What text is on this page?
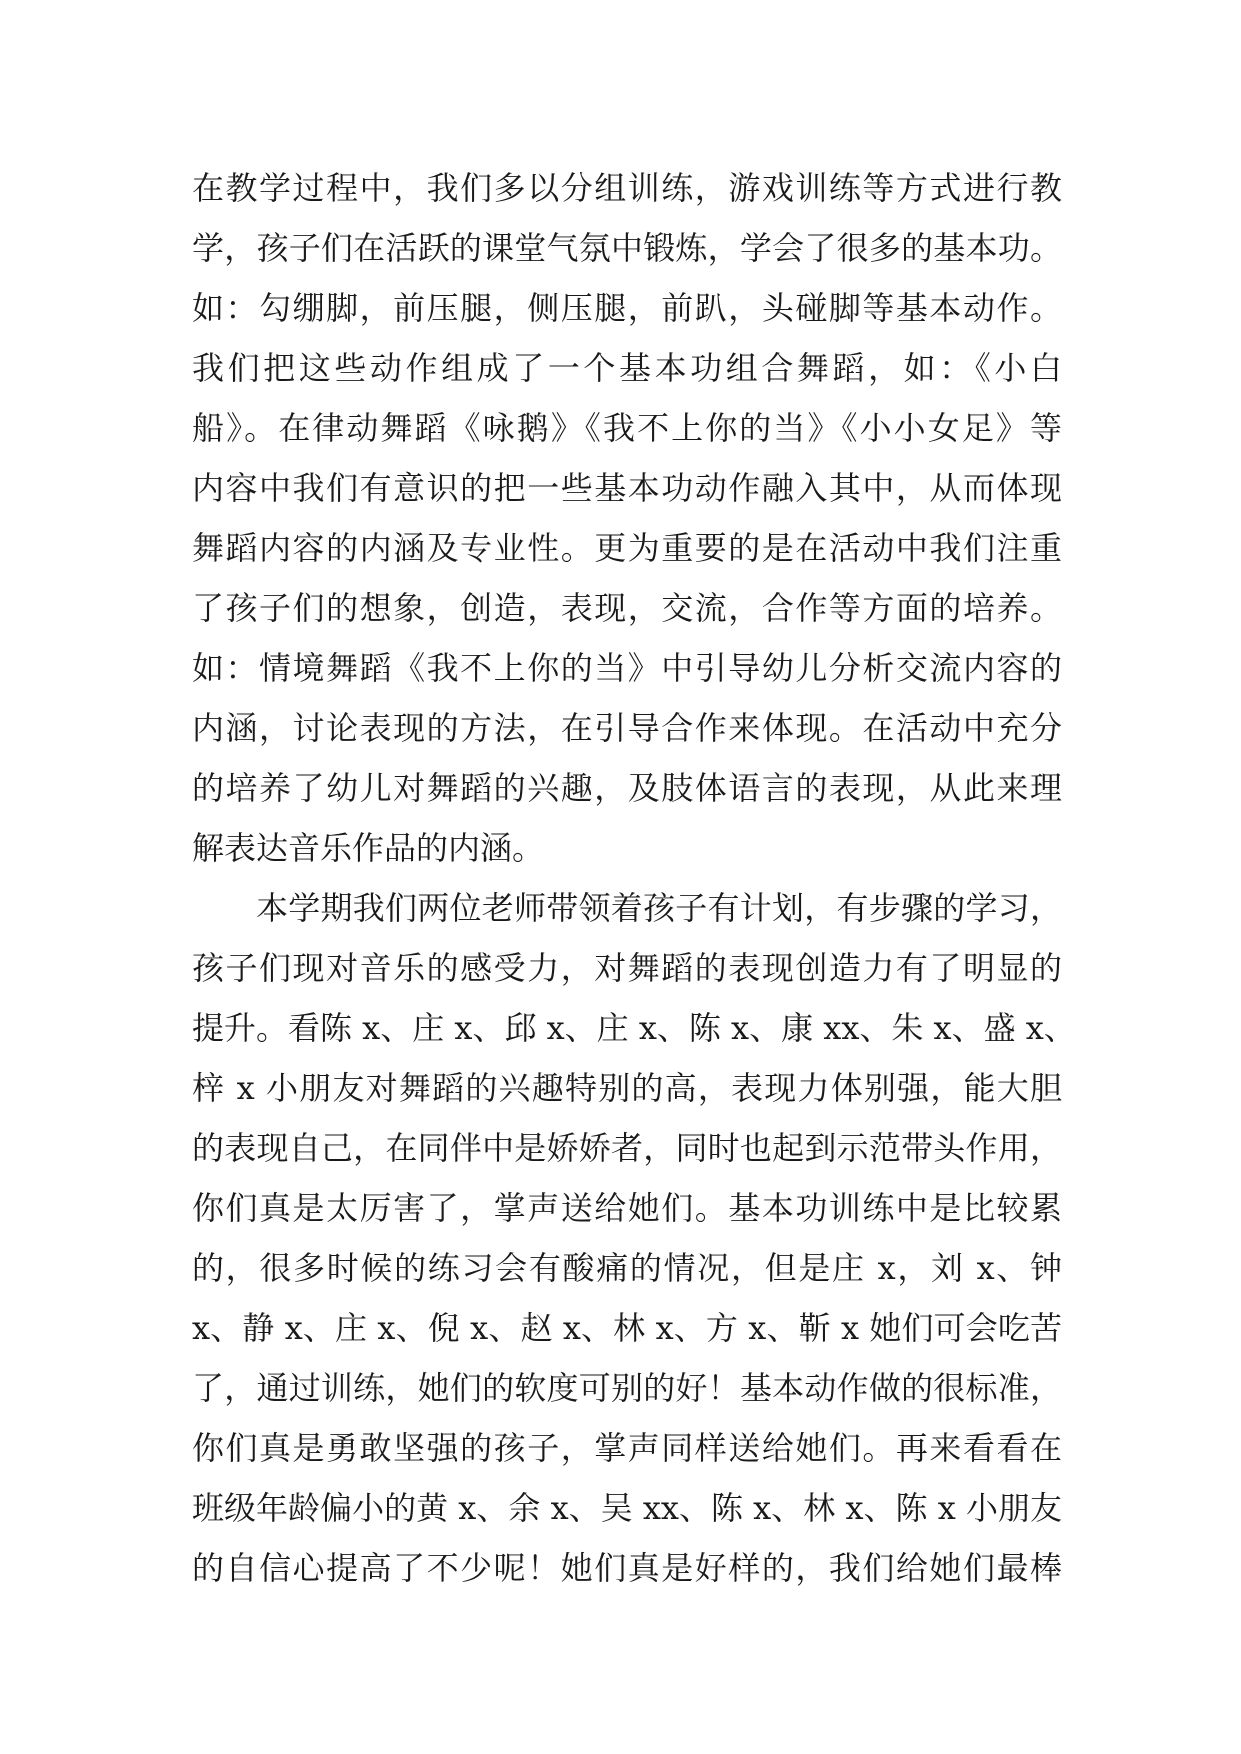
在教学过程中，我们多以分组训练，游戏训练等方式进行教
学，孩子们在活跃的课堂气氛中锻炼，学会了很多的基本功。
如：勾绷脚，前压腿，侧压腿，前趴，头碰脚等基本动作。
我们把这些动作组成了一个基本功组合舞蹈，如：《小白
船》。在律动舞蹈《咏鹅》《我不上你的当》《小小女足》等
内容中我们有意识的把一些基本功动作融入其中，从而体现
舞蹈内容的内涵及专业性。更为重要的是在活动中我们注重
了孩子们的想象，创造，表现，交流，合作等方面的培养。
如：情境舞蹈《我不上你的当》中引导幼儿分析交流内容的
内涵，讨论表现的方法，在引导合作来体现。在活动中充分
的培养了幼儿对舞蹈的兴趣，及肢体语言的表现，从此来理
解表达音乐作品的内涵。
本学期我们两位老师带领着孩子有计划，有步骤的学习，
孩子们现对音乐的感受力，对舞蹈的表现创造力有了明显的
提升。看陈 x、庄 x、邱 x、庄 x、陈 x、康 xx、朱 x、盛 x、
梓 x 小朋友对舞蹈的兴趣特别的高，表现力体别强，能大胆
的表现自己，在同伴中是娇娇者，同时也起到示范带头作用，
你们真是太厉害了，掌声送给她们。基本功训练中是比较累
的，很多时候的练习会有酸痛的情况，但是庄 x，刘 x、钟
x、静 x、庄 x、倪 x、赵 x、林 x、方 x、靳 x 她们可会吃苦
了，通过训练，她们的软度可别的好！基本动作做的很标准，
你们真是勇敢坚强的孩子，掌声同样送给她们。再来看看在
班级年龄偏小的黄 x、余 x、吴 xx、陈 x、林 x、陈 x 小朋友
的自信心提高了不少呢！她们真是好样的，我们给她们最棒
